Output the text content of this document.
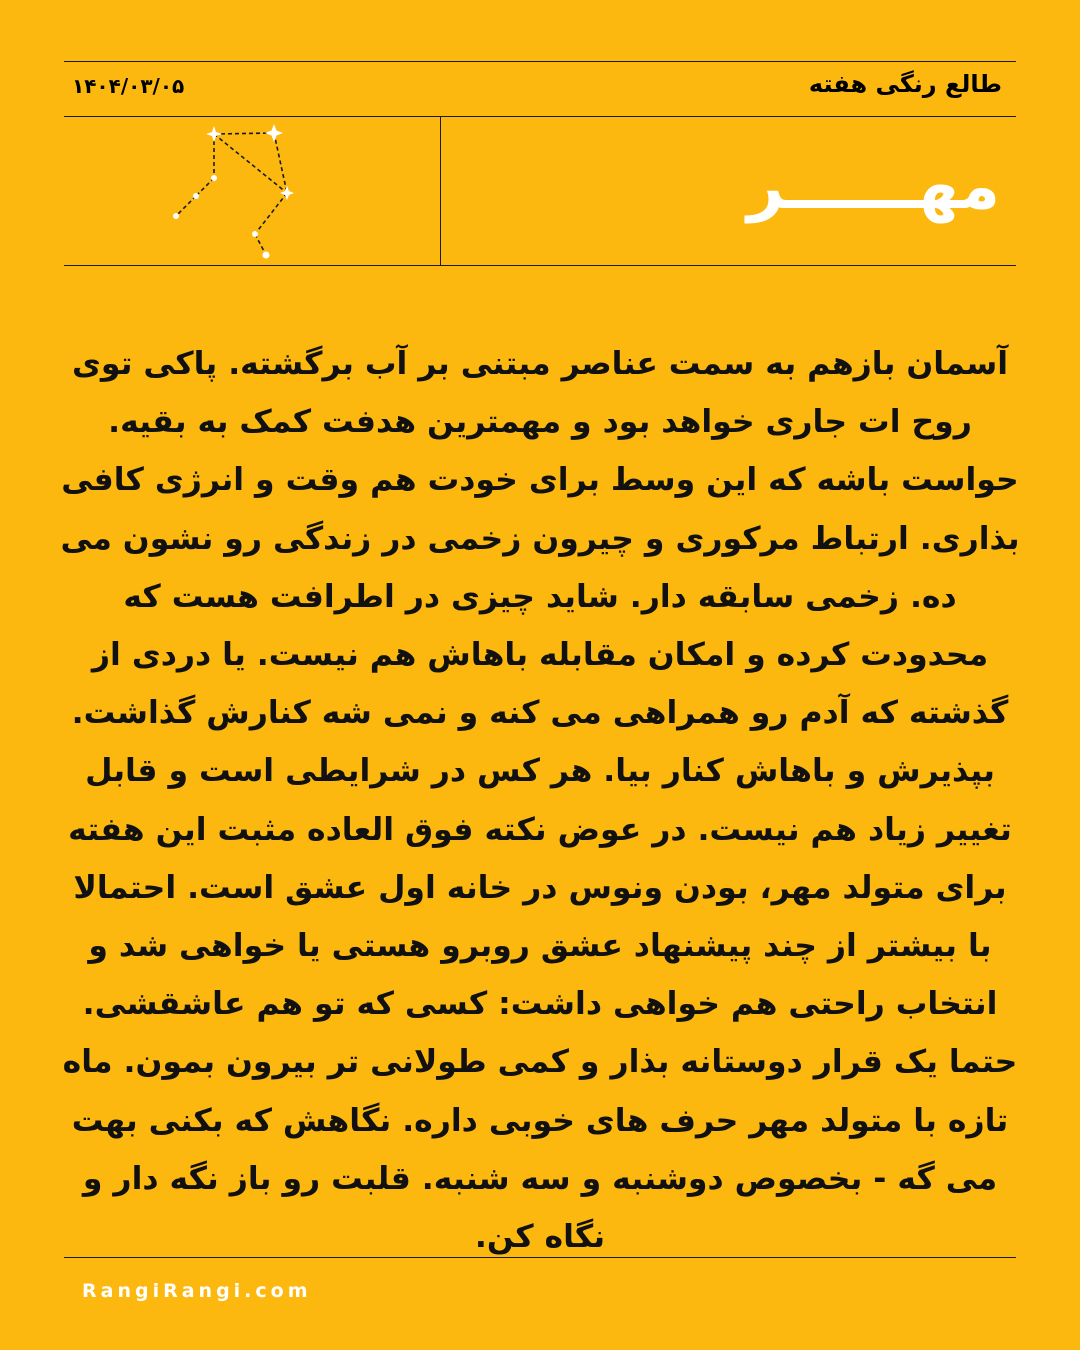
طالع رنگی هفته
۱۴۰۴/۰۳/۰۵
مهــــــر
آسمان بازهم به سمت عناصر مبتنی بر آب برگشته. پاکی توی روح ات جاری خواهد بود و مهمترین هدفت کمک به بقیه. حواست باشه که این وسط برای خودت هم وقت و انرژی کافی بذاری. ارتباط مرکوری و چیرون زخمی در زندگی رو نشون می ده. زخمی سابقه دار. شاید چیزی در اطرافت هست که محدودت کرده و امکان مقابله باهاش هم نیست. یا دردی از گذشته که آدم رو همراهی می کنه و نمی شه کنارش گذاشت. بپذیرش و باهاش کنار بیا. هر کس در شرایطی است و قابل تغییر زیاد هم نیست. در عوض نکته فوق العاده مثبت این هفته برای متولد مهر، بودن ونوس در خانه اول عشق است. احتمالا با بیشتر از چند پیشنهاد عشق روبرو هستی یا خواهی شد و انتخاب راحتی هم خواهی داشت: کسی که تو هم عاشقشی. حتما یک قرار دوستانه بذار و کمی طولانی تر بیرون بمون. ماه تازه با متولد مهر حرف های خوبی داره. نگاهش که بکنی بهت می گه - بخصوص دوشنبه و سه شنبه. قلبت رو باز نگه دار و نگاه کن.
RangiRangi.com
